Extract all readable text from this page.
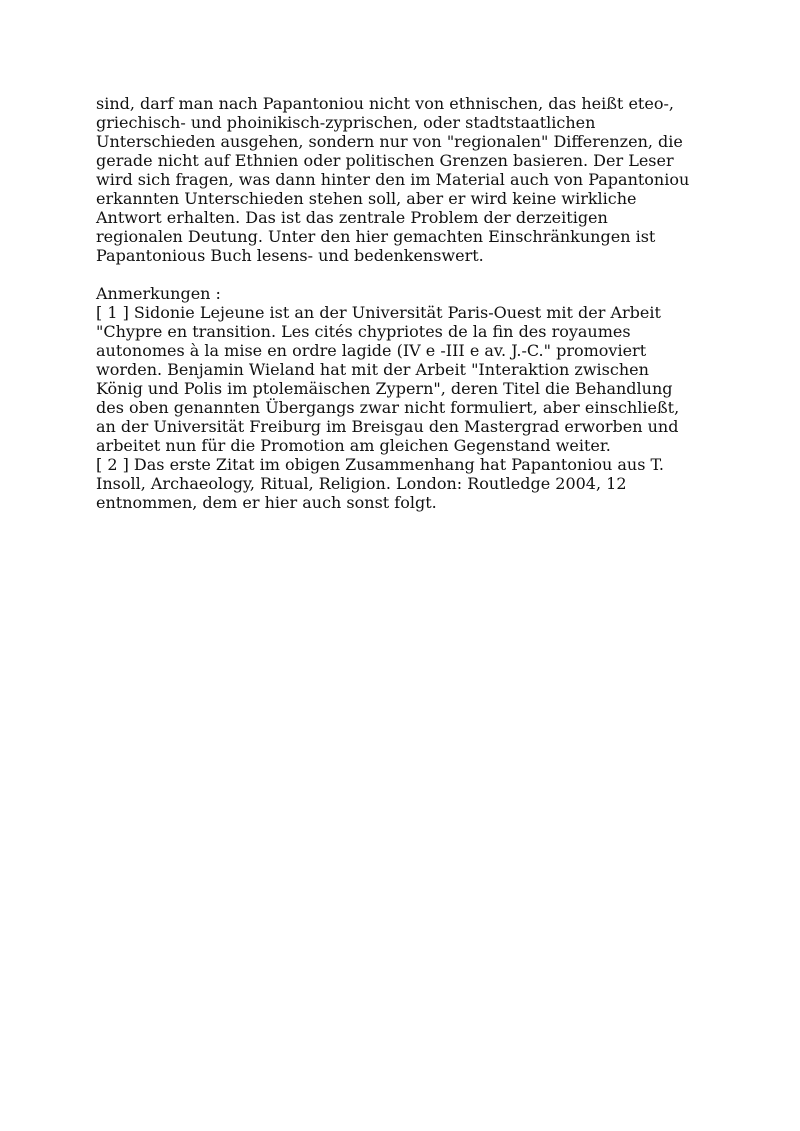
sind, darf man nach Papantoniou nicht von ethnischen, das heißt eteo-,
griechisch- und phoinikisch-zyprischen, oder stadtstaatlichen
Unterschieden ausgehen, sondern nur von "regionalen" Differenzen, die
gerade nicht auf Ethnien oder politischen Grenzen basieren. Der Leser
wird sich fragen, was dann hinter den im Material auch von Papantoniou
erkannten Unterschieden stehen soll, aber er wird keine wirkliche
Antwort erhalten. Das ist das zentrale Problem der derzeitigen
regionalen Deutung. Unter den hier gemachten Einschränkungen ist
Papantonious Buch lesens- und bedenkenswert.
Anmerkungen :
[ 1 ] Sidonie Lejeune ist an der Universität Paris-Ouest mit der Arbeit
"Chypre en transition. Les cités chypriotes de la fin des royaumes
autonomes à la mise en ordre lagide (IV e -III e av. J.-C." promoviert
worden. Benjamin Wieland hat mit der Arbeit "Interaktion zwischen
König und Polis im ptolemäischen Zypern", deren Titel die Behandlung
des oben genannten Übergangs zwar nicht formuliert, aber einschließt,
an der Universität Freiburg im Breisgau den Mastergrad erworben und
arbeitet nun für die Promotion am gleichen Gegenstand weiter.
[ 2 ] Das erste Zitat im obigen Zusammenhang hat Papantoniou aus T.
Insoll, Archaeology, Ritual, Religion. London: Routledge 2004, 12
entnommen, dem er hier auch sonst folgt.
